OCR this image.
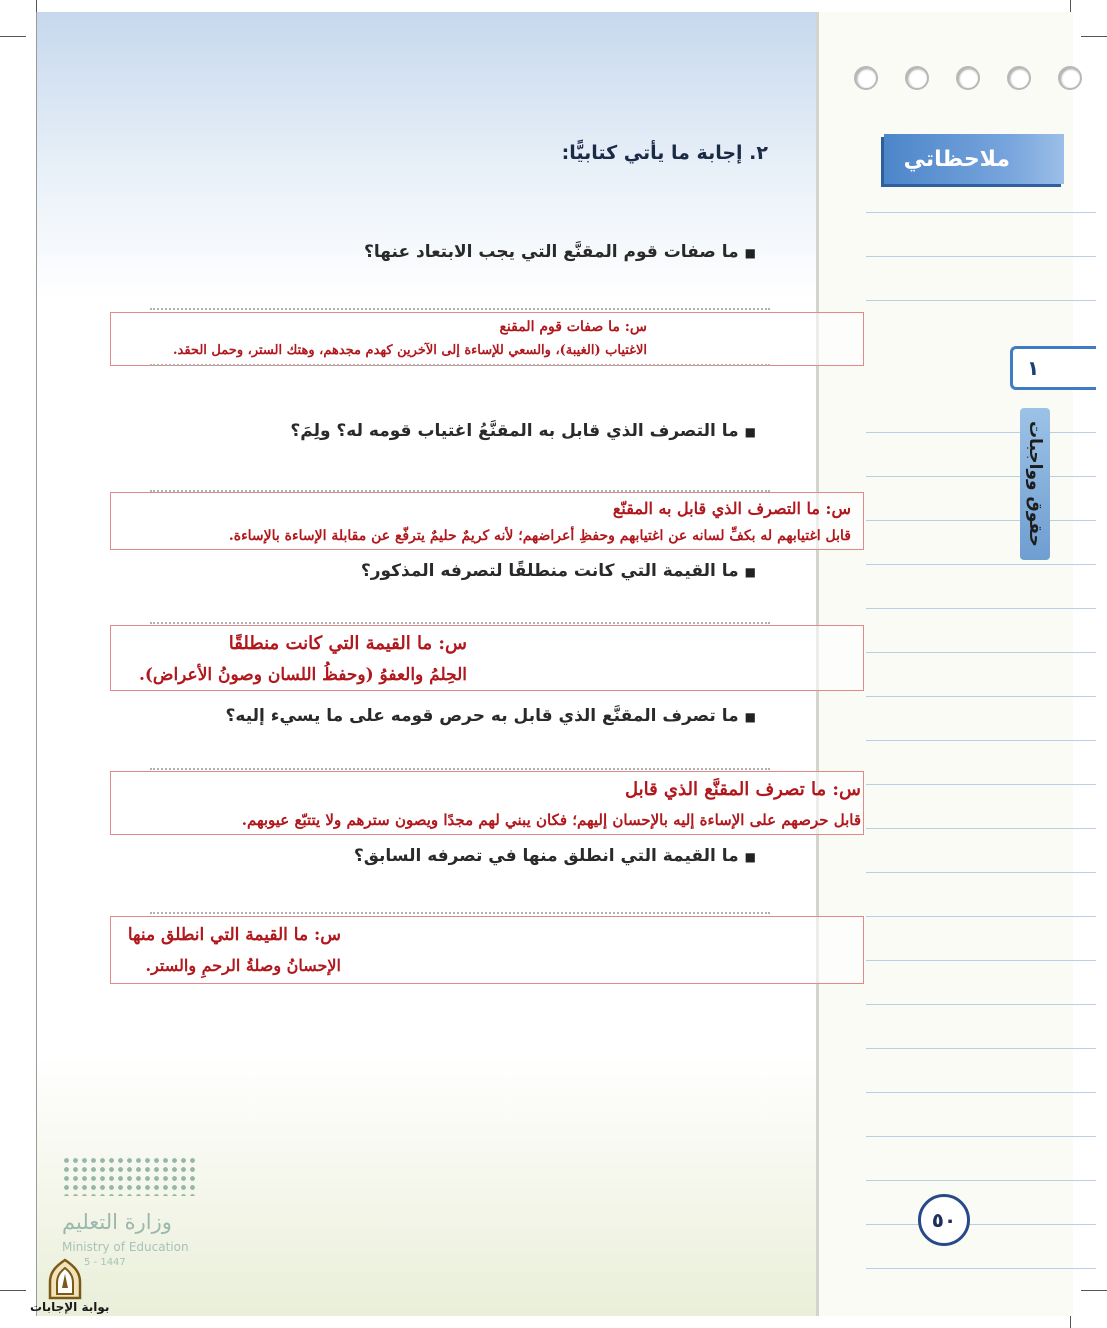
ملاحظاتي
١
حقوق وواجبات
٥٠
٢. إجابة ما يأتي كتابيًّا:
■ما صفات قوم المقنَّع التي يجب الابتعاد عنها؟
س: ما صفات قوم المقنع
الاغتياب (الغيبة)، والسعي للإساءة إلى الآخرين كهدم مجدهم، وهتك الستر، وحمل الحقد.
■ما التصرف الذي قابل به المقنَّعُ اغتياب قومه له؟ ولِمَ؟
س: ما التصرف الذي قابل به المقنّع
قابل اغتيابهم له بكفِّ لسانه عن اغتيابهم وحفظِ أعراضهم؛ لأنه كريمٌ حليمٌ يترفّع عن مقابلة الإساءة بالإساءة.
■ما القيمة التي كانت منطلقًا لتصرفه المذكور؟
س: ما القيمة التي كانت منطلقًا
الحِلمُ والعفوُ (وحفظُ اللسان وصونُ الأعراض).
■ما تصرف المقنَّع الذي قابل به حرص قومه على ما يسيء إليه؟
س: ما تصرف المقنَّع الذي قابل
قابل حرصهم على الإساءة إليه بالإحسان إليهم؛ فكان يبني لهم مجدًا ويصون سترهم ولا يتتبّع عيوبهم.
■ما القيمة التي انطلق منها في تصرفه السابق؟
س: ما القيمة التي انطلق منها
الإحسانُ وصلةُ الرحمِ والستر.
وزارة التعليم
Ministry of Education
5 - 1447
بوابة الإجابات
